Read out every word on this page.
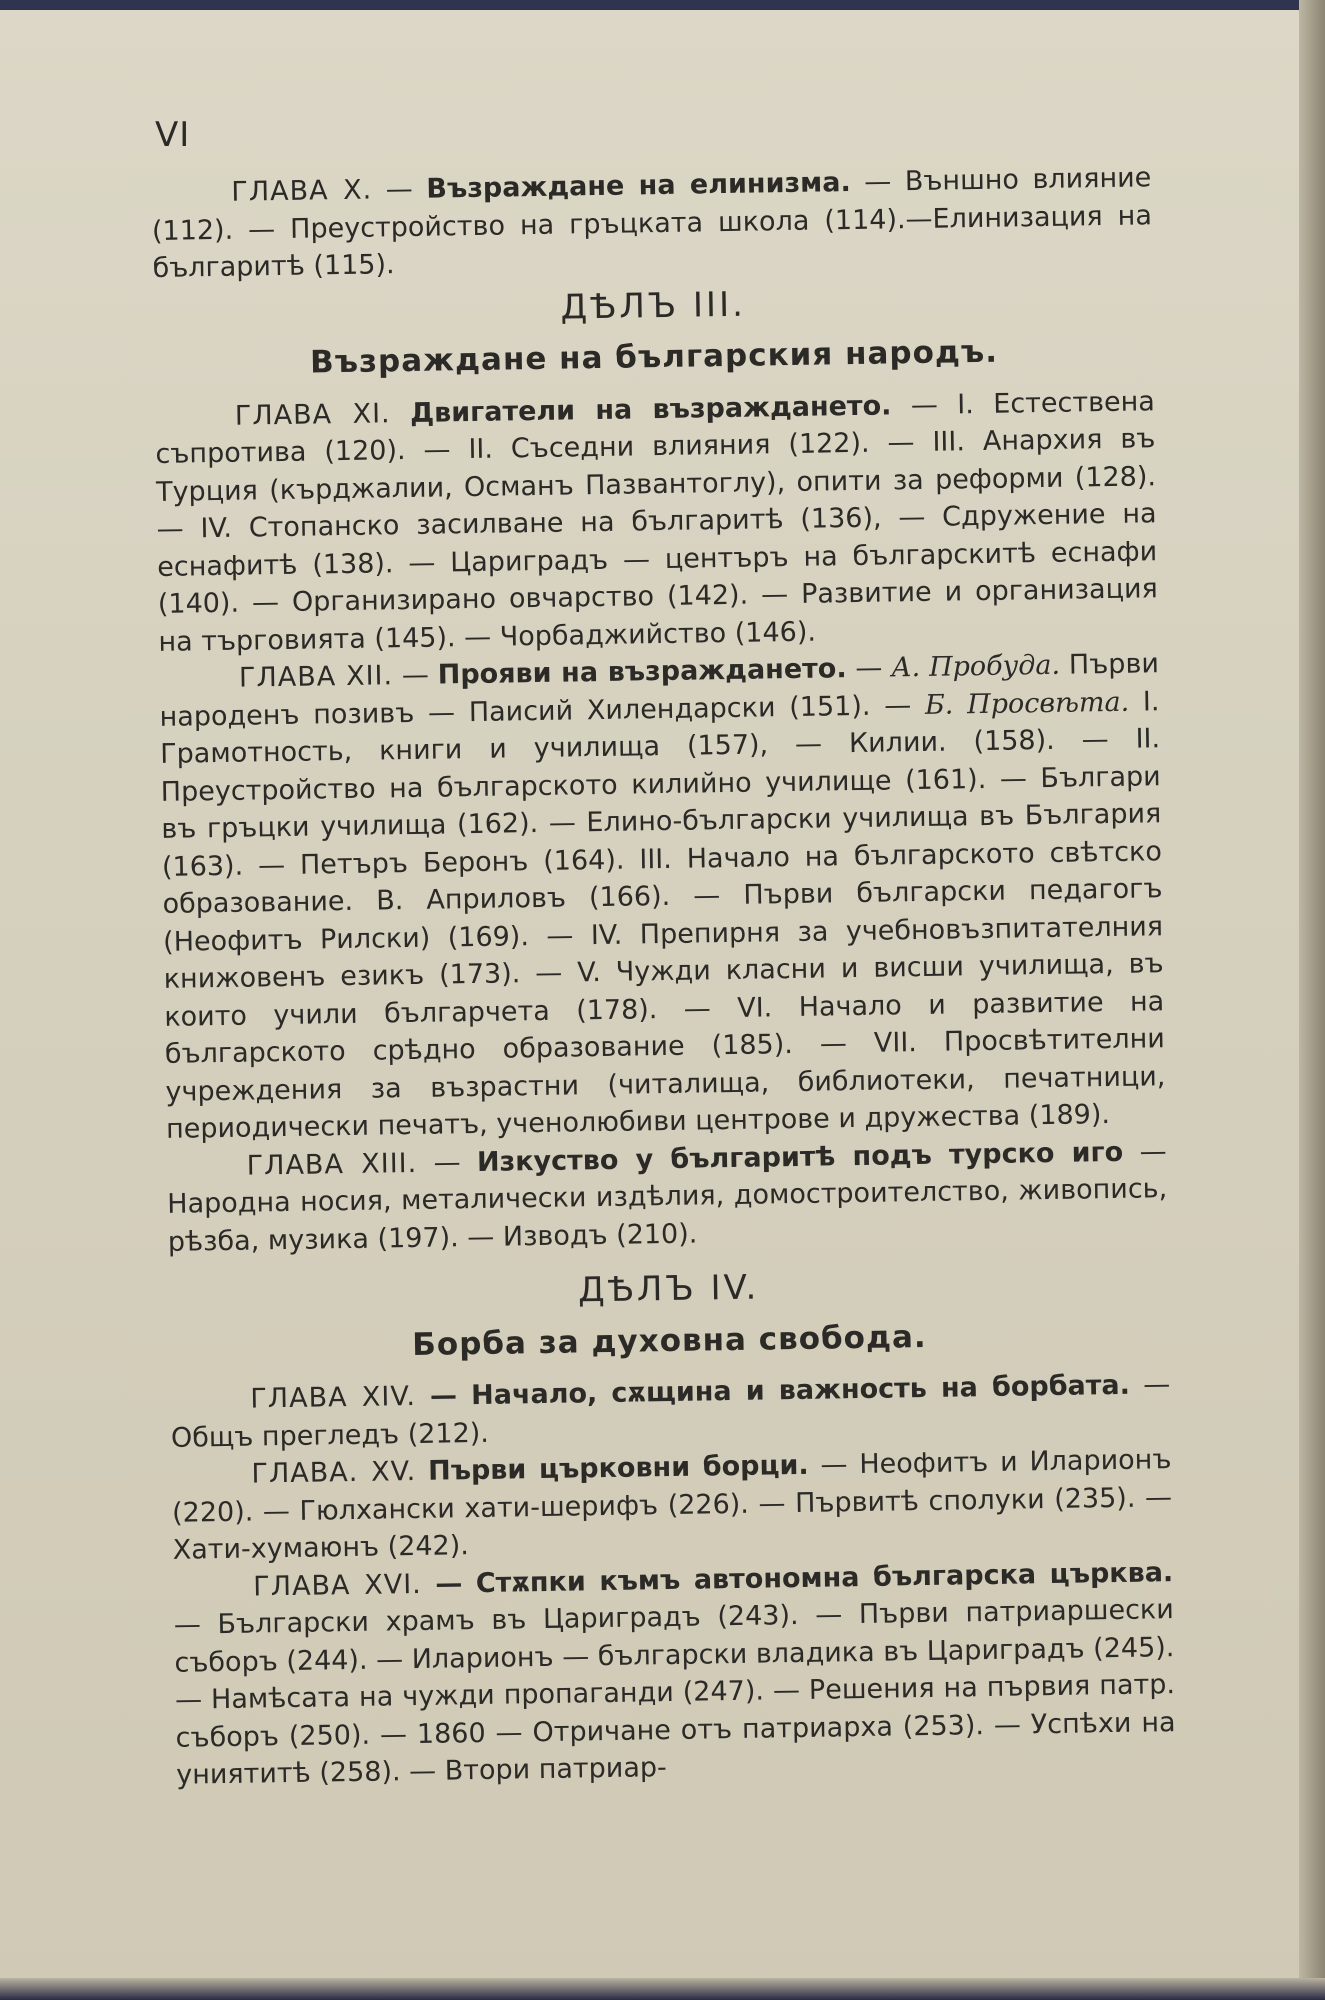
VI

ГЛАВА X. — Възраждане на елинизма. — Външно влияние (112). — Преустройство на гръцката школа (114).—Елинизация на българитѣ (115).

ДѢЛЪ III.
Възраждане на българския народъ.

ГЛАВА XI. Двигатели на възраждането. — I. Естествена съпротива (120). — II. Съседни влияния (122). — III. Анархия въ Турция (кърджалии, Османъ Пазвантоглу), опити за реформи (128). — IV. Стопанско засилване на българитѣ (136), — Сдружение на еснафитѣ (138). — Цариградъ — центъръ на българскитѣ еснафи (140). — Организирано овчарство (142). — Развитие и организация на търговията (145). — Чорбаджийство (146).

ГЛАВА XII. — Прояви на възраждането. — А. Пробуда. Първи народенъ позивъ — Паисий Хилендарски (151). — Б. Просвѣта. I. Грамотность, книги и училища (157), — Килии. (158). — II. Преустройство на българското килийно училище (161). — Българи въ гръцки училища (162). — Елино-български училища въ България (163). — Петъръ Беронъ (164). III. Начало на българското свѣтско образование. В. Априловъ (166). — Първи български педагогъ (Неофитъ Рилски) (169). — IV. Препирня за учебновъзпитателния книжовенъ езикъ (173). — V. Чужди класни и висши училища, въ които учили българчета (178). — VI. Начало и развитие на българското срѣдно образование (185). — VII. Просвѣтителни учреждения за възрастни (читалища, библиотеки, печатници, периодически печатъ, ученолюбиви центрове и дружества (189).

ГЛАВА XIII. — Изкуство у българитѣ подъ турско иго — Народна носия, металически издѣлия, домостроителство, живопись, рѣзба, музика (197). — Изводъ (210).

ДѢЛЪ IV.
Борба за духовна свобода.

ГЛАВА XIV. — Начало, сѫщина и важность на борбата. — Общъ прегледъ (212).

ГЛАВА. XV. Първи църковни борци. — Неофитъ и Иларионъ (220). — Гюлхански хати-шерифъ (226). — Първитѣ сполуки (235). — Хати-хумаюнъ (242).

ГЛАВА XVI. — Стѫпки къмъ автономна българска църква. — Български храмъ въ Цариградъ (243). — Първи патриаршески съборъ (244). — Иларионъ — български владика въ Цариградъ (245). — Намѣсата на чужди пропаганди (247). — Решения на първия патр. съборъ (250). — 1860 — Отричане отъ патриарха (253). — Успѣхи на униятитѣ (258). — Втори патриар-
